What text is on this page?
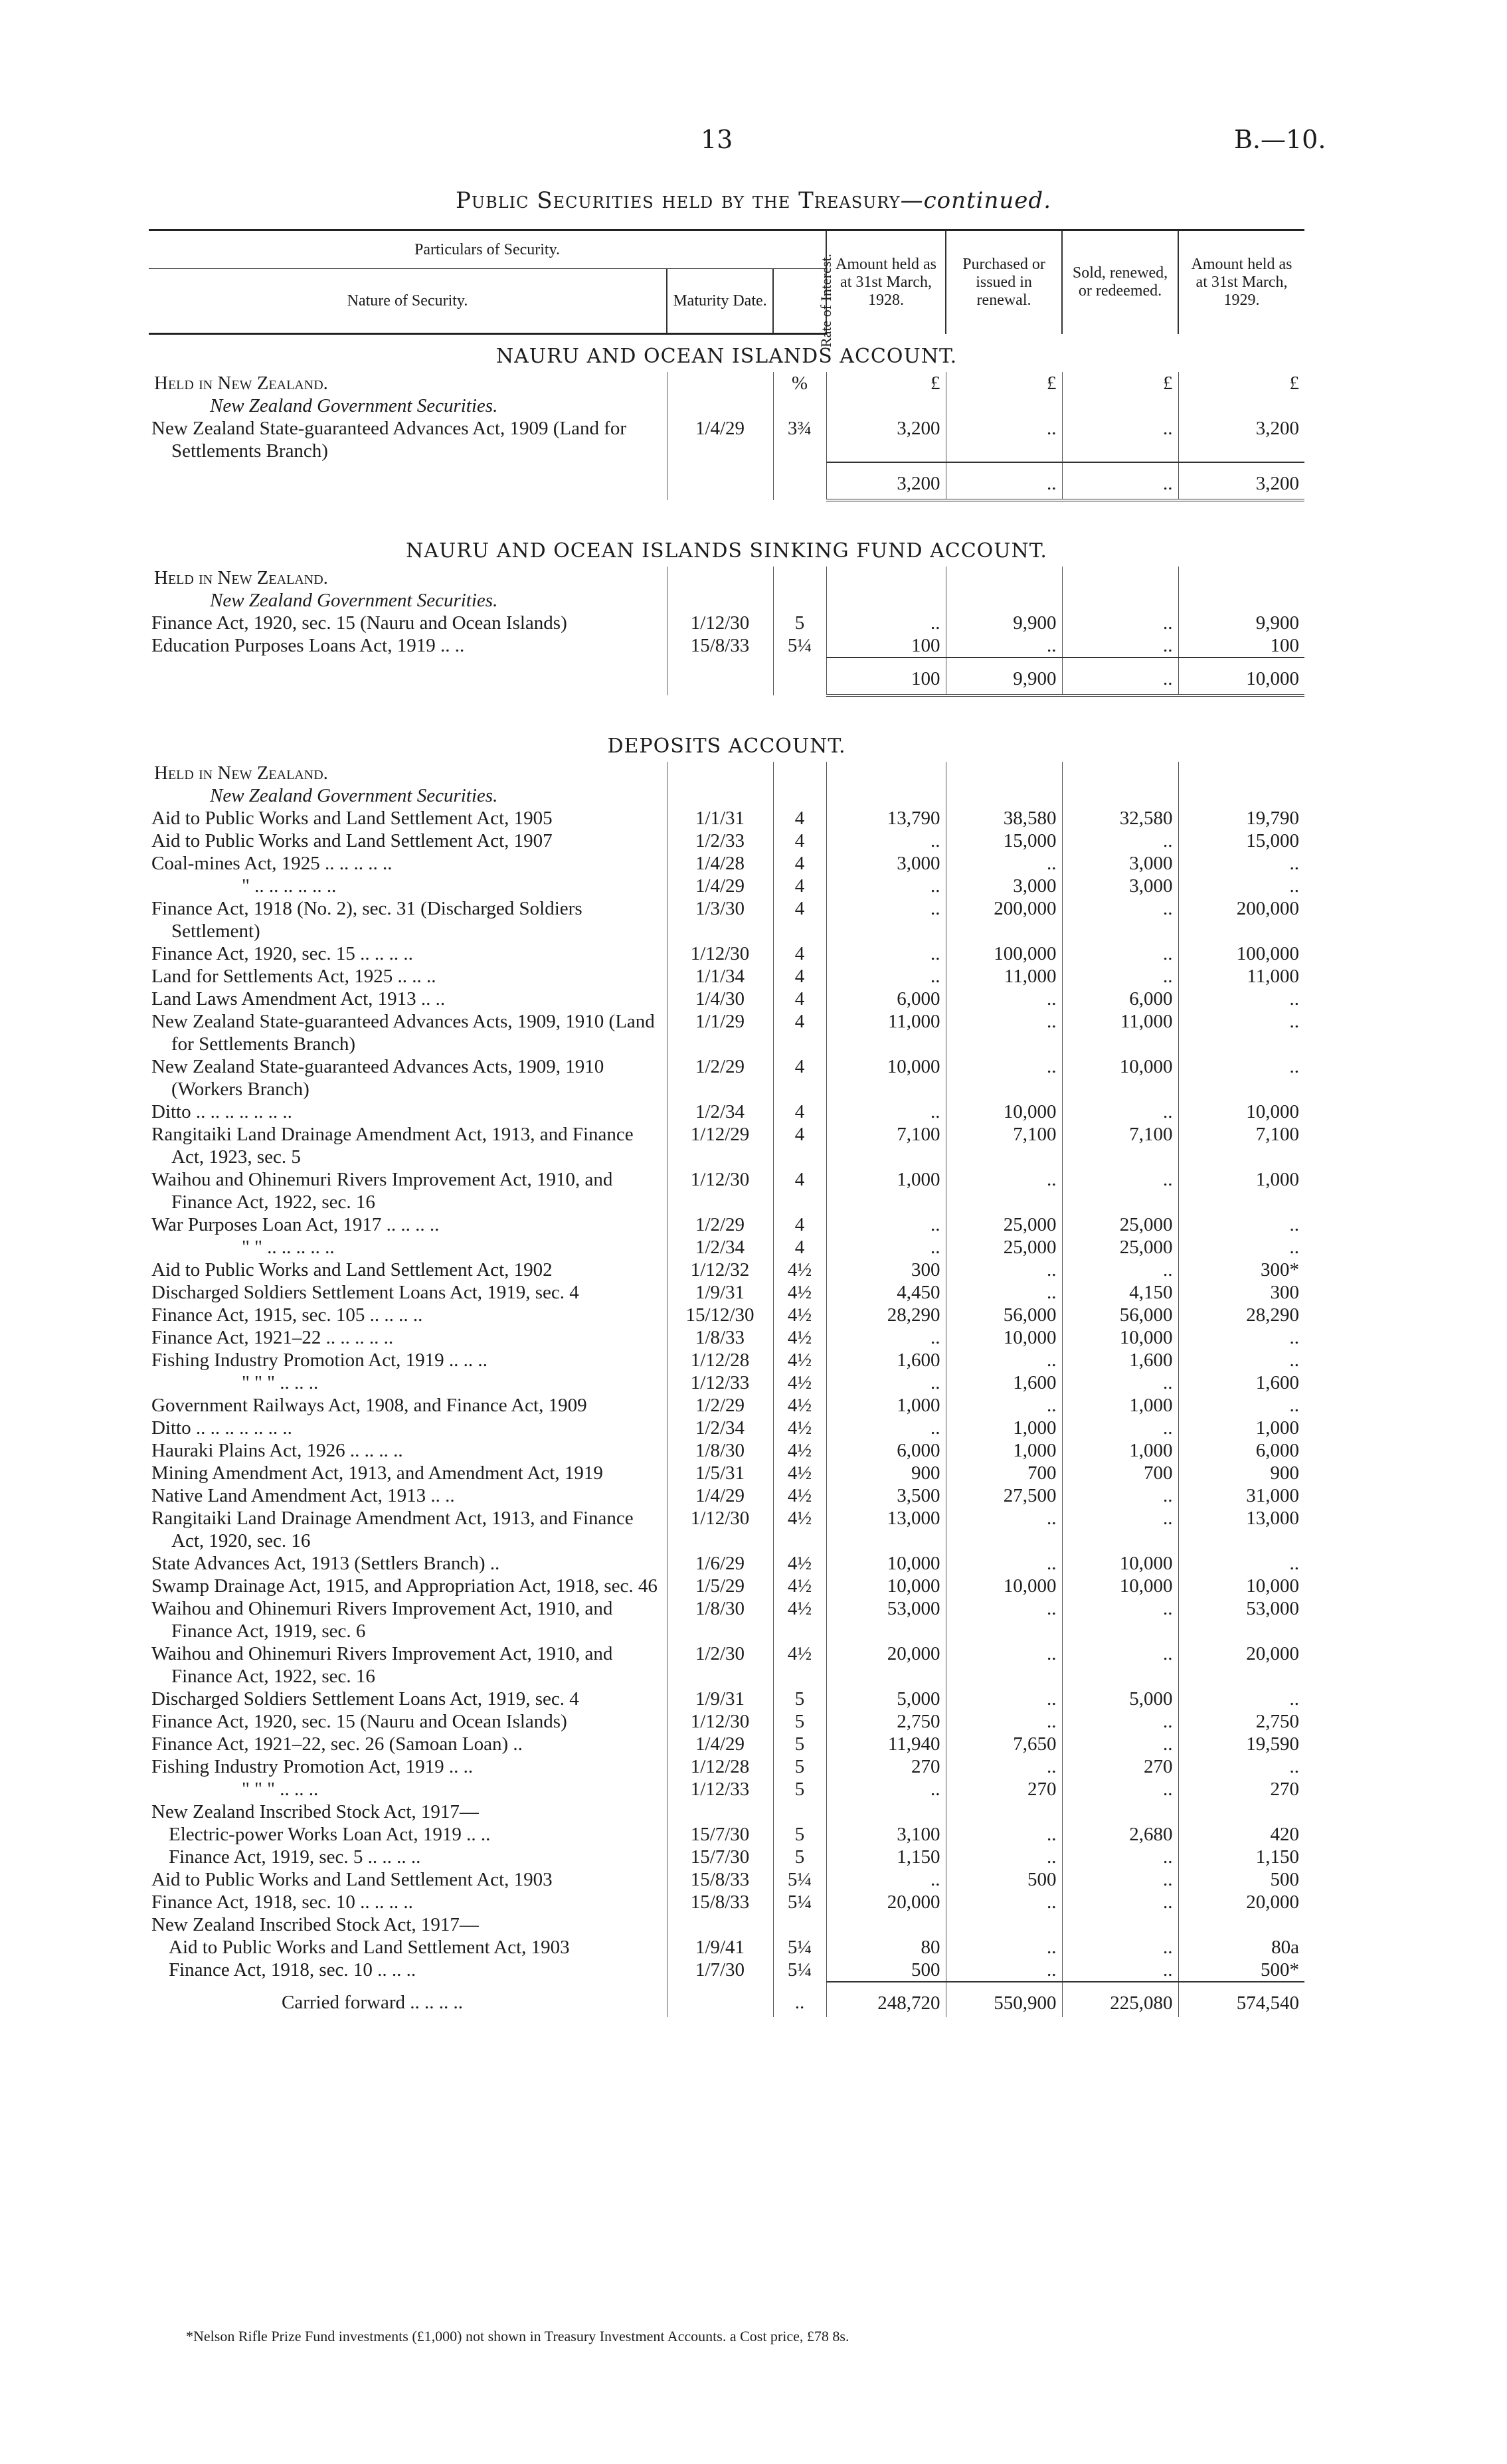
13	B.—10.
Public Securities held by the Treasury—continued.
Particulars of Security.			Amount held as at 31st March, 1928.	Purchased or issued in renewal.	Sold, renewed, or redeemed.	Amount held as at 31st March, 1929.
Nature of Security.	Maturity Date.	Rate of Interest.				
NAURU AND OCEAN ISLANDS ACCOUNT.						
Held in New Zealand.		%	£	£	£	£
New Zealand Government Securities.						
New Zealand State-guaranteed Advances Act, 1909 (Land for Settlements Branch)	1/4/29	3¾	3,200	..	..	3,200
			3,200	..	..	3,200
NAURU AND OCEAN ISLANDS SINKING FUND ACCOUNT.						
Held in New Zealand.						
New Zealand Government Securities.						
Finance Act, 1920, sec. 15 (Nauru and Ocean Islands)	1/12/30	5	..	9,900	..	9,900
Education Purposes Loans Act, 1919 .. ..	15/8/33	5¼	100	..	..	100
			100	9,900	..	10,000
DEPOSITS ACCOUNT.						
Held in New Zealand.						
New Zealand Government Securities.						
Aid to Public Works and Land Settlement Act, 1905	1/1/31	4	13,790	38,580	32,580	19,790
Aid to Public Works and Land Settlement Act, 1907	1/2/33	4	..	15,000	..	15,000
Coal-mines Act, 1925 .. .. .. .. ..	1/4/28	4	3,000	..	3,000	..
" .. .. .. .. .. ..	1/4/29	4	..	3,000	3,000	..
Finance Act, 1918 (No. 2), sec. 31 (Discharged Soldiers Settlement)	1/3/30	4	..	200,000	..	200,000
Finance Act, 1920, sec. 15 .. .. .. ..	1/12/30	4	..	100,000	..	100,000
Land for Settlements Act, 1925 .. .. ..	1/1/34	4	..	11,000	..	11,000
Land Laws Amendment Act, 1913 .. ..	1/4/30	4	6,000	..	6,000	..
New Zealand State-guaranteed Advances Acts, 1909, 1910 (Land for Settlements Branch)	1/1/29	4	11,000	..	11,000	..
New Zealand State-guaranteed Advances Acts, 1909, 1910 (Workers Branch)	1/2/29	4	10,000	..	10,000	..
Ditto .. .. .. .. .. .. ..	1/2/34	4	..	10,000	..	10,000
Rangitaiki Land Drainage Amendment Act, 1913, and Finance Act, 1923, sec. 5	1/12/29	4	7,100	7,100	7,100	7,100
Waihou and Ohinemuri Rivers Improvement Act, 1910, and Finance Act, 1922, sec. 16	1/12/30	4	1,000	..	..	1,000
War Purposes Loan Act, 1917 .. .. .. ..	1/2/29	4	..	25,000	25,000	..
" " .. .. .. .. ..	1/2/34	4	..	25,000	25,000	..
Aid to Public Works and Land Settlement Act, 1902	1/12/32	4½	300	..	..	300*
Discharged Soldiers Settlement Loans Act, 1919, sec. 4	1/9/31	4½	4,450	..	4,150	300
Finance Act, 1915, sec. 105 .. .. .. ..	15/12/30	4½	28,290	56,000	56,000	28,290
Finance Act, 1921–22 .. .. .. .. ..	1/8/33	4½	..	10,000	10,000	..
Fishing Industry Promotion Act, 1919 .. .. ..	1/12/28	4½	1,600	..	1,600	..
" " " .. .. ..	1/12/33	4½	..	1,600	..	1,600
Government Railways Act, 1908, and Finance Act, 1909	1/2/29	4½	1,000	..	1,000	..
Ditto .. .. .. .. .. .. ..	1/2/34	4½	..	1,000	..	1,000
Hauraki Plains Act, 1926 .. .. .. ..	1/8/30	4½	6,000	1,000	1,000	6,000
Mining Amendment Act, 1913, and Amendment Act, 1919	1/5/31	4½	900	700	700	900
Native Land Amendment Act, 1913 .. ..	1/4/29	4½	3,500	27,500	..	31,000
Rangitaiki Land Drainage Amendment Act, 1913, and Finance Act, 1920, sec. 16	1/12/30	4½	13,000	..	..	13,000
State Advances Act, 1913 (Settlers Branch) ..	1/6/29	4½	10,000	..	10,000	..
Swamp Drainage Act, 1915, and Appropriation Act, 1918, sec. 46	1/5/29	4½	10,000	10,000	10,000	10,000
Waihou and Ohinemuri Rivers Improvement Act, 1910, and Finance Act, 1919, sec. 6	1/8/30	4½	53,000	..	..	53,000
Waihou and Ohinemuri Rivers Improvement Act, 1910, and Finance Act, 1922, sec. 16	1/2/30	4½	20,000	..	..	20,000
Discharged Soldiers Settlement Loans Act, 1919, sec. 4	1/9/31	5	5,000	..	5,000	..
Finance Act, 1920, sec. 15 (Nauru and Ocean Islands)	1/12/30	5	2,750	..	..	2,750
Finance Act, 1921–22, sec. 26 (Samoan Loan) ..	1/4/29	5	11,940	7,650	..	19,590
Fishing Industry Promotion Act, 1919 .. ..	1/12/28	5	270	..	270	..
" " " .. .. ..	1/12/33	5	..	270	..	270
New Zealand Inscribed Stock Act, 1917—						
Electric-power Works Loan Act, 1919 .. ..	15/7/30	5	3,100	..	2,680	420
Finance Act, 1919, sec. 5 .. .. .. ..	15/7/30	5	1,150	..	..	1,150
Aid to Public Works and Land Settlement Act, 1903	15/8/33	5¼	..	500	..	500
Finance Act, 1918, sec. 10 .. .. .. ..	15/8/33	5¼	20,000	..	..	20,000
New Zealand Inscribed Stock Act, 1917—						
Aid to Public Works and Land Settlement Act, 1903	1/9/41	5¼	80	..	..	80a
Finance Act, 1918, sec. 10 .. .. ..	1/7/30	5¼	500	..	..	500*
Carried forward .. .. .. ..		..	248,720	550,900	225,080	574,540
*Nelson Rifle Prize Fund investments (£1,000) not shown in Treasury Investment Accounts. a Cost price, £78 8s.
